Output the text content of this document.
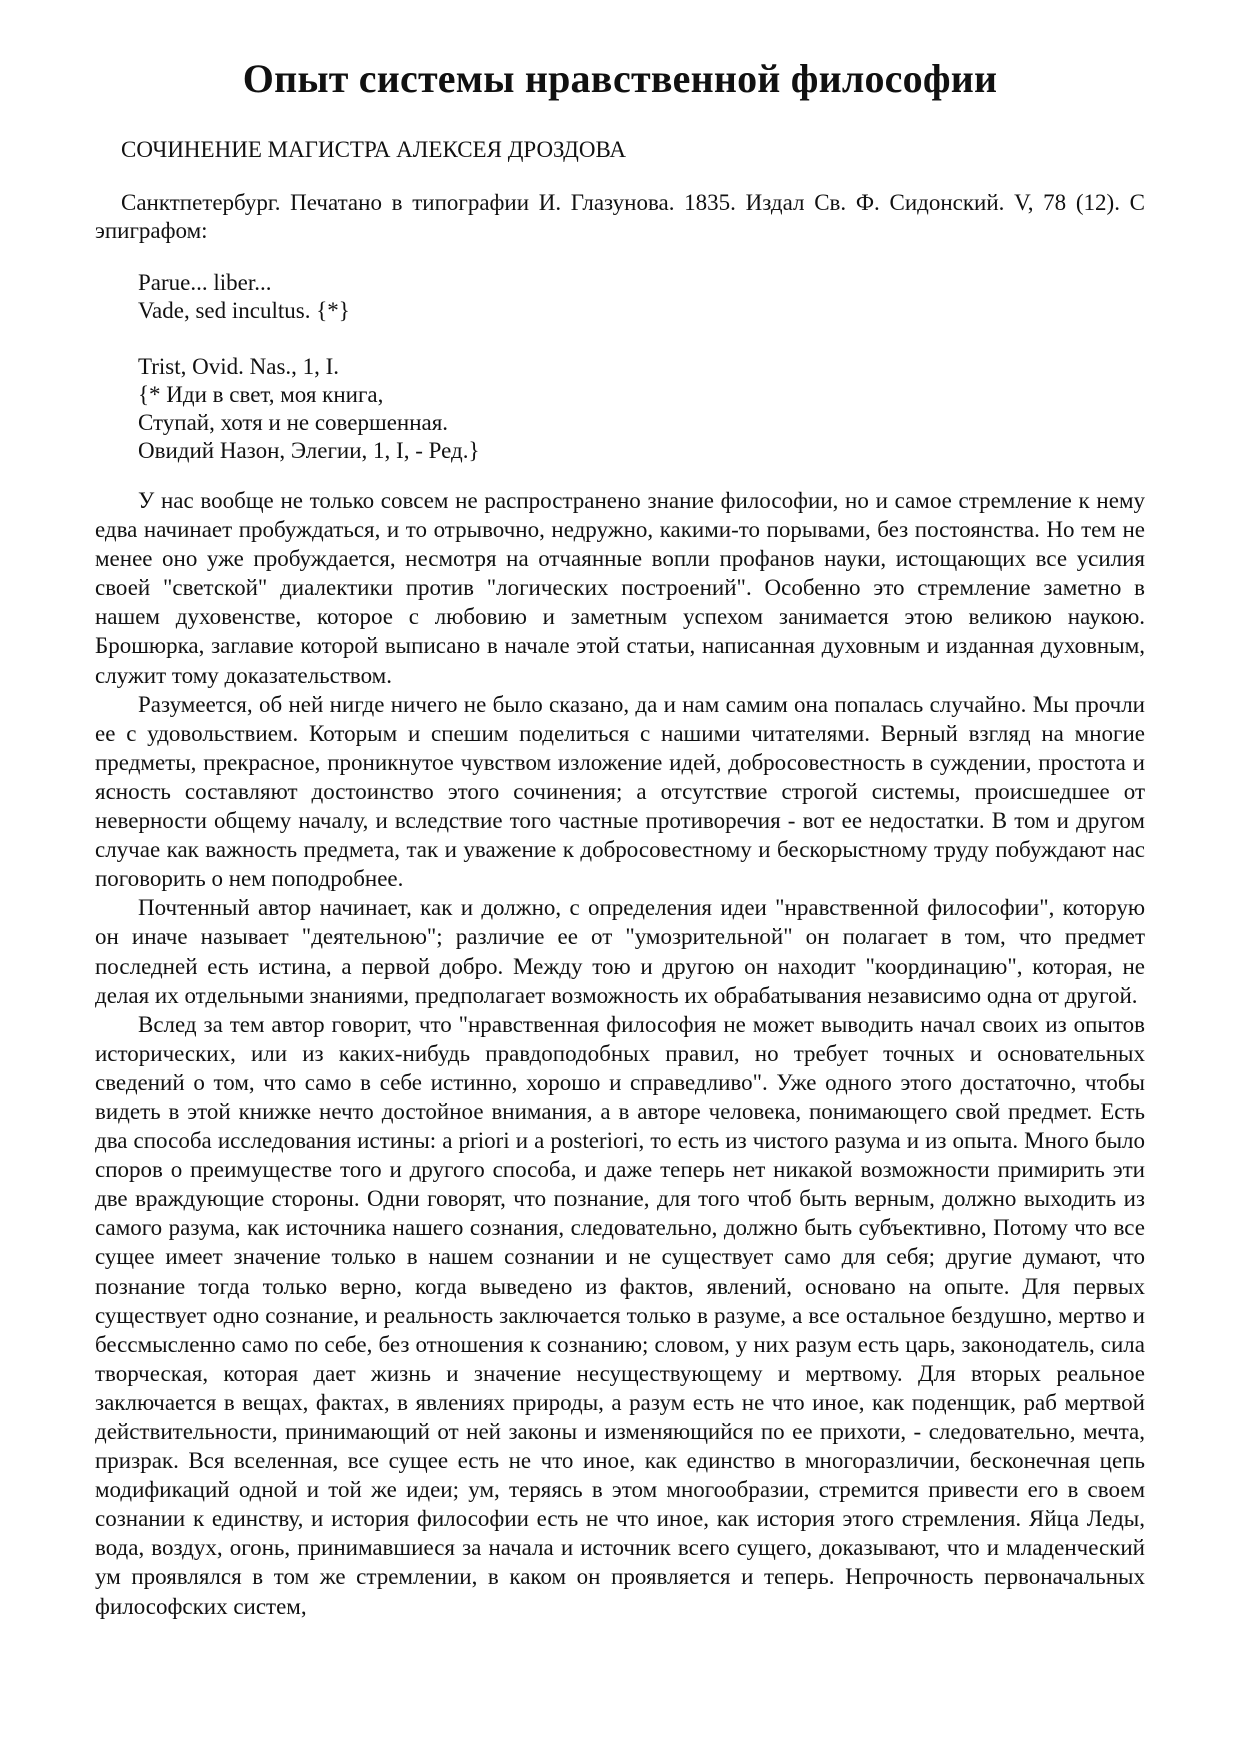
Опыт системы нравственной философии
СОЧИНЕНИЕ МАГИСТРА АЛЕКСЕЯ ДРОЗДОВА

Санктпетербург. Печатано в типографии И. Глазунова. 1835. Издал Св. Ф. Сидонский. V, 78 (12). С эпиграфом:

Parue... liber...
Vade, sed incultus. {*}
Trist, Ovid. Nas., 1, I.
{* Иди в свет, моя книга,
Ступай, хотя и не совершенная.
Овидий Назон, Элегии, 1, I, - Ред.}

У нас вообще не только совсем не распространено знание философии, но и самое стремление к нему едва начинает пробуждаться, и то отрывочно, недружно, какими-то порывами, без постоянства. Но тем не менее оно уже пробуждается, несмотря на отчаянные вопли профанов науки, истощающих все усилия своей "светской" диалектики против "логических построений". Особенно это стремление заметно в нашем духовенстве, которое с любовию и заметным успехом занимается этою великою наукою. Брошюрка, заглавие которой выписано в начале этой статьи, написанная духовным и изданная духовным, служит тому доказательством.

Разумеется, об ней нигде ничего не было сказано, да и нам самим она попалась случайно. Мы прочли ее с удовольствием. Которым и спешим поделиться с нашими читателями. Верный взгляд на многие предметы, прекрасное, проникнутое чувством изложение идей, добросовестность в суждении, простота и ясность составляют достоинство этого сочинения; а отсутствие строгой системы, происшедшее от неверности общему началу, и вследствие того частные противоречия - вот ее недостатки. В том и другом случае как важность предмета, так и уважение к добросовестному и бескорыстному труду побуждают нас поговорить о нем поподробнее.

Почтенный автор начинает, как и должно, с определения идеи "нравственной философии", которую он иначе называет "деятельною"; различие ее от "умозрительной" он полагает в том, что предмет последней есть истина, а первой добро. Между тою и другою он находит "координацию", которая, не делая их отдельными знаниями, предполагает возможность их обрабатывания независимо одна от другой.

Вслед за тем автор говорит, что "нравственная философия не может выводить начал своих из опытов исторических, или из каких-нибудь правдоподобных правил, но требует точных и основательных сведений о том, что само в себе истинно, хорошо и справедливо". Уже одного этого достаточно, чтобы видеть в этой книжке нечто достойное внимания, а в авторе человека, понимающего свой предмет. Есть два способа исследования истины: a priori и a posteriori, то есть из чистого разума и из опыта. Много было споров о преимуществе того и другого способа, и даже теперь нет никакой возможности примирить эти две враждующие стороны. Одни говорят, что познание, для того чтоб быть верным, должно выходить из самого разума, как источника нашего сознания, следовательно, должно быть субъективно, Потому что все сущее имеет значение только в нашем сознании и не существует само для себя; другие думают, что познание тогда только верно, когда выведено из фактов, явлений, основано на опыте. Для первых существует одно сознание, и реальность заключается только в разуме, а все остальное бездушно, мертво и бессмысленно само по себе, без отношения к сознанию; словом, у них разум есть царь, законодатель, сила творческая, которая дает жизнь и значение несуществующему и мертвому. Для вторых реальное заключается в вещах, фактах, в явлениях природы, а разум есть не что иное, как поденщик, раб мертвой действительности, принимающий от ней законы и изменяющийся по ее прихоти, - следовательно, мечта, призрак. Вся вселенная, все сущее есть не что иное, как единство в многоразличии, бесконечная цепь модификаций одной и той же идеи; ум, теряясь в этом многообразии, стремится привести его в своем сознании к единству, и история философии есть не что иное, как история этого стремления. Яйца Леды, вода, воздух, огонь, принимавшиеся за начала и источник всего сущего, доказывают, что и младенческий ум проявлялся в том же стремлении, в каком он проявляется и теперь. Непрочность первоначальных философских систем,
